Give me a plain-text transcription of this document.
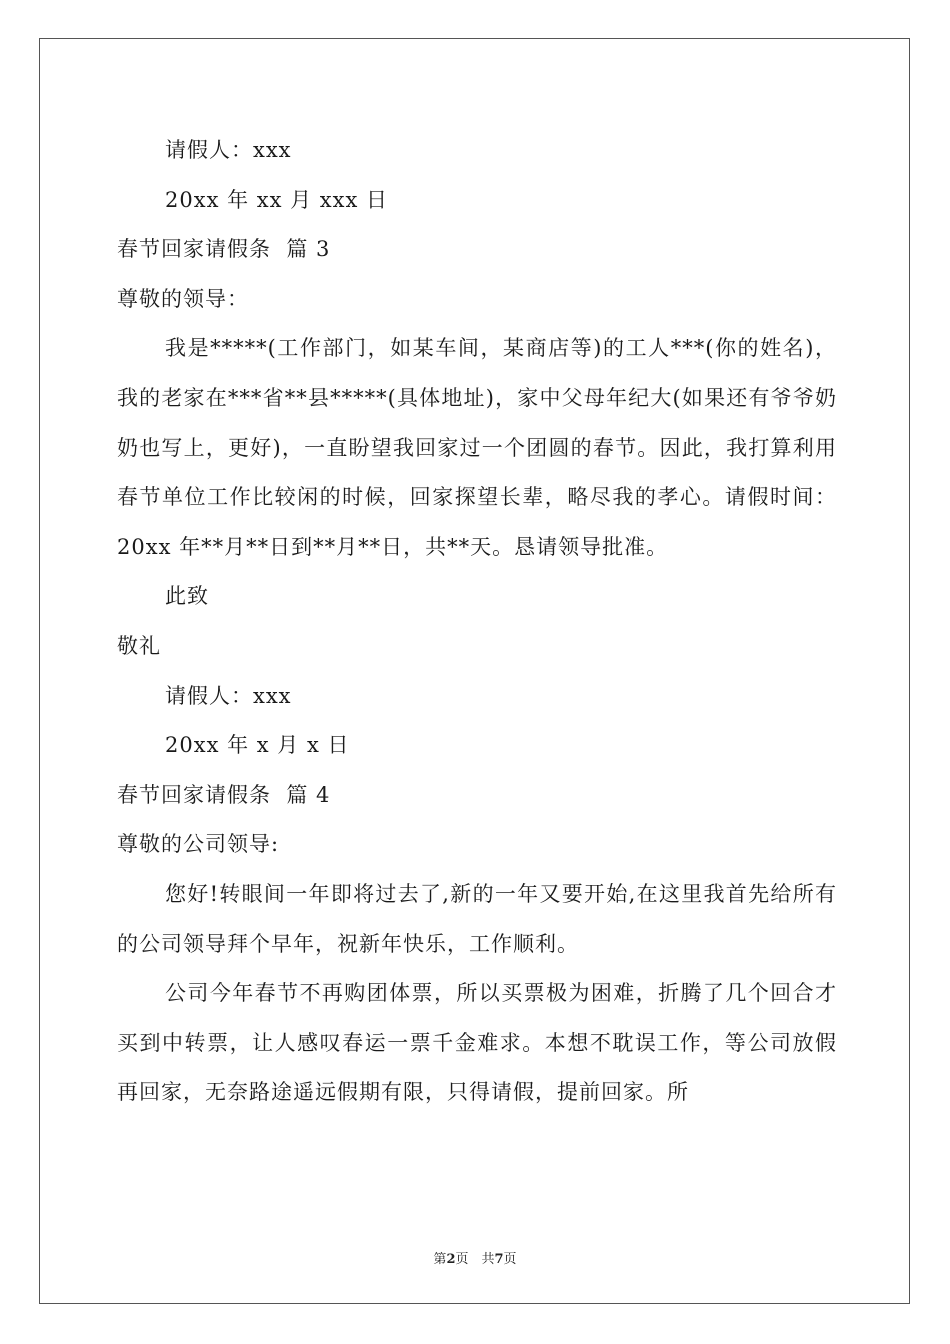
请假人：xxx
20xx 年 xx 月 xxx 日
春节回家请假条  篇 3
尊敬的领导：

我是*****(工作部门，如某车间，某商店等)的工人***(你的姓名)，我的老家在***省**县*****(具体地址)，家中父母年纪大(如果还有爷爷奶奶也写上，更好)，一直盼望我回家过一个团圆的春节。因此，我打算利用春节单位工作比较闲的时候，回家探望长辈，略尽我的孝心。请假时间：20xx 年**月**日到**月**日，共**天。恳请领导批准。

此致
敬礼
请假人：xxx
20xx 年 x 月 x 日
春节回家请假条  篇 4
尊敬的公司领导:

您好!转眼间一年即将过去了,新的一年又要开始,在这里我首先给所有的公司领导拜个早年，祝新年快乐，工作顺利。

公司今年春节不再购团体票，所以买票极为困难，折腾了几个回合才买到中转票，让人感叹春运一票千金难求。本想不耽误工作，等公司放假再回家，无奈路途遥远假期有限，只得请假，提前回家。所

第2页　共7页
